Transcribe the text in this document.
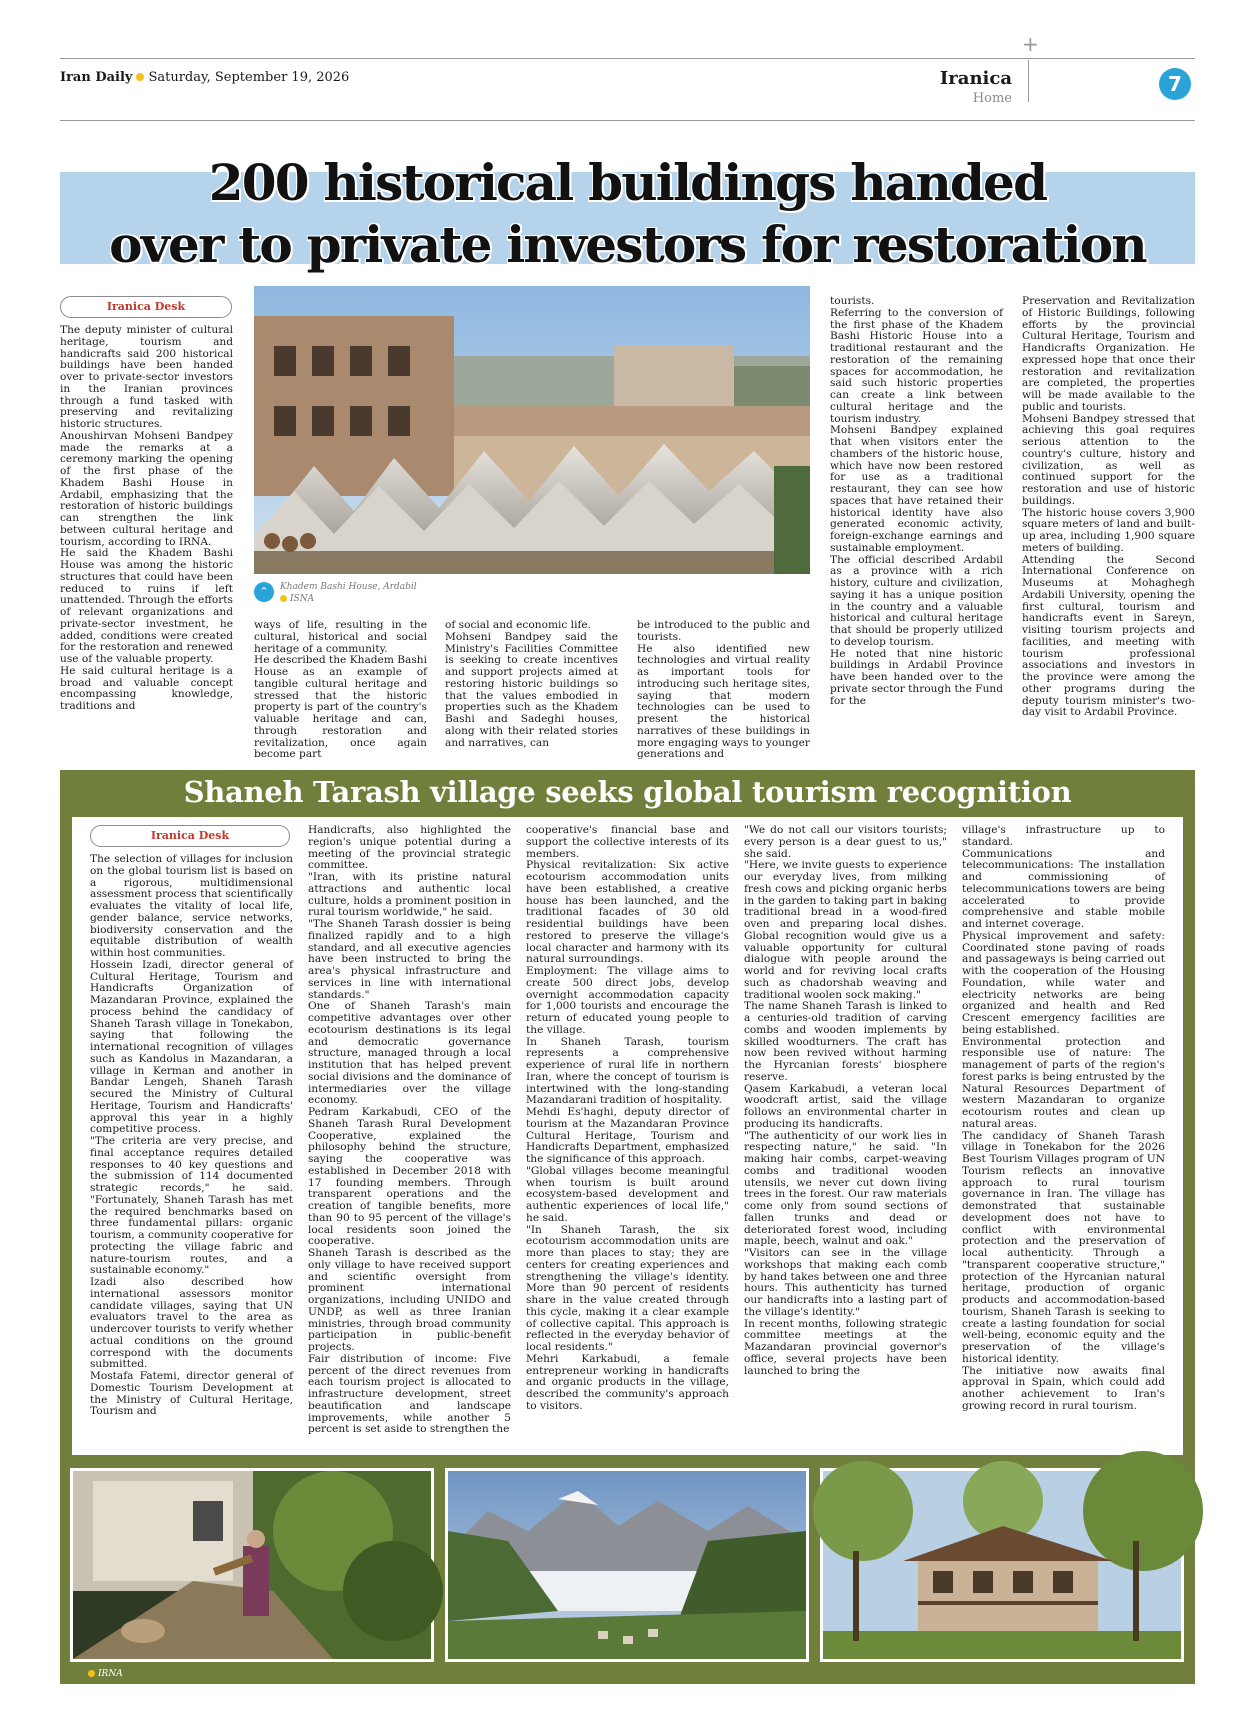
+
Iran Daily Saturday, September 19, 2026	Iranica
Home
7
200 historical buildings handed
over to private investors for restoration
Iranica Desk

The deputy minister of cultural heritage, tourism and handicrafts said 200 historical buildings have been handed over to private-sector investors in the Iranian provinces through a fund tasked with preserving and revitalizing historic structures.

Anoushirvan Mohseni Bandpey made the remarks at a ceremony marking the opening of the first phase of the Khadem Bashi House in Ardabil, emphasizing that the restoration of historic buildings can strengthen the link between cultural heritage and tourism, according to IRNA.

He said the Khadem Bashi House was among the historic structures that could have been reduced to ruins if left unattended. Through the efforts of relevant organizations and private-sector investment, he added, conditions were created for the restoration and renewed use of the valuable property.

He said cultural heritage is a broad and valuable concept encompassing knowledge, traditions and

⌃	Khadem Bashi House, Ardabil
ISNA

ways of life, resulting in the cultural, historical and social heritage of a community.

He described the Khadem Bashi House as an example of tangible cultural heritage and stressed that the historic property is part of the country's valuable heritage and can, through restoration and revitalization, once again become part

of social and economic life.

Mohseni Bandpey said the Ministry's Facilities Committee is seeking to create incentives and support projects aimed at restoring historic buildings so that the values embodied in properties such as the Khadem Bashi and Sadeghi houses, along with their related stories and narratives, can

be introduced to the public and tourists.

He also identified new technologies and virtual reality as important tools for introducing such heritage sites, saying that modern technologies can be used to present the historical narratives of these buildings in more engaging ways to younger generations and

tourists.

Referring to the conversion of the first phase of the Khadem Bashi Historic House into a traditional restaurant and the restoration of the remaining spaces for accommodation, he said such historic properties can create a link between cultural heritage and the tourism industry.

Mohseni Bandpey explained that when visitors enter the chambers of the historic house, which have now been restored for use as a traditional restaurant, they can see how spaces that have retained their historical identity have also generated economic activity, foreign-exchange earnings and sustainable employment.

The official described Ardabil as a province with a rich history, culture and civilization, saying it has a unique position in the country and a valuable historical and cultural heritage that should be properly utilized to develop tourism.

He noted that nine historic buildings in Ardabil Province have been handed over to the private sector through the Fund for the

Preservation and Revitalization of Historic Buildings, following efforts by the provincial Cultural Heritage, Tourism and Handicrafts Organization. He expressed hope that once their restoration and revitalization are completed, the properties will be made available to the public and tourists.

Mohseni Bandpey stressed that achieving this goal requires serious attention to the country's culture, history and civilization, as well as continued support for the restoration and use of historic buildings.

The historic house covers 3,900 square meters of land and built-up area, including 1,900 square meters of building.

Attending the Second International Conference on Museums at Mohaghegh Ardabili University, opening the first cultural, tourism and handicrafts event in Sareyn, visiting tourism projects and facilities, and meeting with tourism professional associations and investors in the province were among the other programs during the deputy tourism minister's two-day visit to Ardabil Province.

Shaneh Tarash village seeks global tourism recognition
Iranica Desk

The selection of villages for inclusion on the global tourism list is based on a rigorous, multidimensional assessment process that scientifically evaluates the vitality of local life, gender balance, service networks, biodiversity conservation and the equitable distribution of wealth within host communities.

Hossein Izadi, director general of Cultural Heritage, Tourism and Handicrafts Organization of Mazandaran Province, explained the process behind the candidacy of Shaneh Tarash village in Tonekabon, saying that following the international recognition of villages such as Kandolus in Mazandaran, a village in Kerman and another in Bandar Lengeh, Shaneh Tarash secured the Ministry of Cultural Heritage, Tourism and Handicrafts' approval this year in a highly competitive process.

"The criteria are very precise, and final acceptance requires detailed responses to 40 key questions and the submission of 114 documented strategic records," he said. "Fortunately, Shaneh Tarash has met the required benchmarks based on three fundamental pillars: organic tourism, a community cooperative for protecting the village fabric and nature-tourism routes, and a sustainable economy."

Izadi also described how international assessors monitor candidate villages, saying that UN evaluators travel to the area as undercover tourists to verify whether actual conditions on the ground correspond with the documents submitted.

Mostafa Fatemi, director general of Domestic Tourism Development at the Ministry of Cultural Heritage, Tourism and

Handicrafts, also highlighted the region's unique potential during a meeting of the provincial strategic committee.

"Iran, with its pristine natural attractions and authentic local culture, holds a prominent position in rural tourism worldwide," he said.

"The Shaneh Tarash dossier is being finalized rapidly and to a high standard, and all executive agencies have been instructed to bring the area's physical infrastructure and services in line with international standards."

One of Shaneh Tarash's main competitive advantages over other ecotourism destinations is its legal and democratic governance structure, managed through a local institution that has helped prevent social divisions and the dominance of intermediaries over the village economy.

Pedram Karkabudi, CEO of the Shaneh Tarash Rural Development Cooperative, explained the philosophy behind the structure, saying the cooperative was established in December 2018 with 17 founding members. Through transparent operations and the creation of tangible benefits, more than 90 to 95 percent of the village's local residents soon joined the cooperative.

Shaneh Tarash is described as the only village to have received support and scientific oversight from prominent international organizations, including UNIDO and UNDP, as well as three Iranian ministries, through broad community participation in public-benefit projects.

Fair distribution of income: Five percent of the direct revenues from each tourism project is allocated to infrastructure development, street beautification and landscape improvements, while another 5 percent is set aside to strengthen the

cooperative's financial base and support the collective interests of its members.

Physical revitalization: Six active ecotourism accommodation units have been established, a creative house has been launched, and the traditional facades of 30 old residential buildings have been restored to preserve the village's local character and harmony with its natural surroundings.

Employment: The village aims to create 500 direct jobs, develop overnight accommodation capacity for 1,000 tourists and encourage the return of educated young people to the village.

In Shaneh Tarash, tourism represents a comprehensive experience of rural life in northern Iran, where the concept of tourism is intertwined with the long-standing Mazandarani tradition of hospitality.

Mehdi Es'haghi, deputy director of tourism at the Mazandaran Province Cultural Heritage, Tourism and Handicrafts Department, emphasized the significance of this approach.

"Global villages become meaningful when tourism is built around ecosystem-based development and authentic experiences of local life," he said.

"In Shaneh Tarash, the six ecotourism accommodation units are more than places to stay; they are centers for creating experiences and strengthening the village's identity. More than 90 percent of residents share in the value created through this cycle, making it a clear example of collective capital. This approach is reflected in the everyday behavior of local residents."

Mehri Karkabudi, a female entrepreneur working in handicrafts and organic products in the village, described the community's approach to visitors.

"We do not call our visitors tourists; every person is a dear guest to us," she said.

"Here, we invite guests to experience our everyday lives, from milking fresh cows and picking organic herbs in the garden to taking part in baking traditional bread in a wood-fired oven and preparing local dishes. Global recognition would give us a valuable opportunity for cultural dialogue with people around the world and for reviving local crafts such as chadorshab weaving and traditional woolen sock making."

The name Shaneh Tarash is linked to a centuries-old tradition of carving combs and wooden implements by skilled woodturners. The craft has now been revived without harming the Hyrcanian forests' biosphere reserve.

Qasem Karkabudi, a veteran local woodcraft artist, said the village follows an environmental charter in producing its handicrafts.

"The authenticity of our work lies in respecting nature," he said. "In making hair combs, carpet-weaving combs and traditional wooden utensils, we never cut down living trees in the forest. Our raw materials come only from sound sections of fallen trunks and dead or deteriorated forest wood, including maple, beech, walnut and oak."

"Visitors can see in the village workshops that making each comb by hand takes between one and three hours. This authenticity has turned our handicrafts into a lasting part of the village's identity."

In recent months, following strategic committee meetings at the Mazandaran provincial governor's office, several projects have been launched to bring the

village's infrastructure up to standard.

Communications and telecommunications: The installation and commissioning of telecommunications towers are being accelerated to provide comprehensive and stable mobile and internet coverage.

Physical improvement and safety: Coordinated stone paving of roads and passageways is being carried out with the cooperation of the Housing Foundation, while water and electricity networks are being organized and health and Red Crescent emergency facilities are being established.

Environmental protection and responsible use of nature: The management of parts of the region's forest parks is being entrusted by the Natural Resources Department of western Mazandaran to organize ecotourism routes and clean up natural areas.

The candidacy of Shaneh Tarash village in Tonekabon for the 2026 Best Tourism Villages program of UN Tourism reflects an innovative approach to rural tourism governance in Iran. The village has demonstrated that sustainable development does not have to conflict with environmental protection and the preservation of local authenticity. Through a "transparent cooperative structure," protection of the Hyrcanian natural heritage, production of organic products and accommodation-based tourism, Shaneh Tarash is seeking to create a lasting foundation for social well-being, economic equity and the preservation of the village's historical identity.

The initiative now awaits final approval in Spain, which could add another achievement to Iran's growing record in rural tourism.

IRNA
